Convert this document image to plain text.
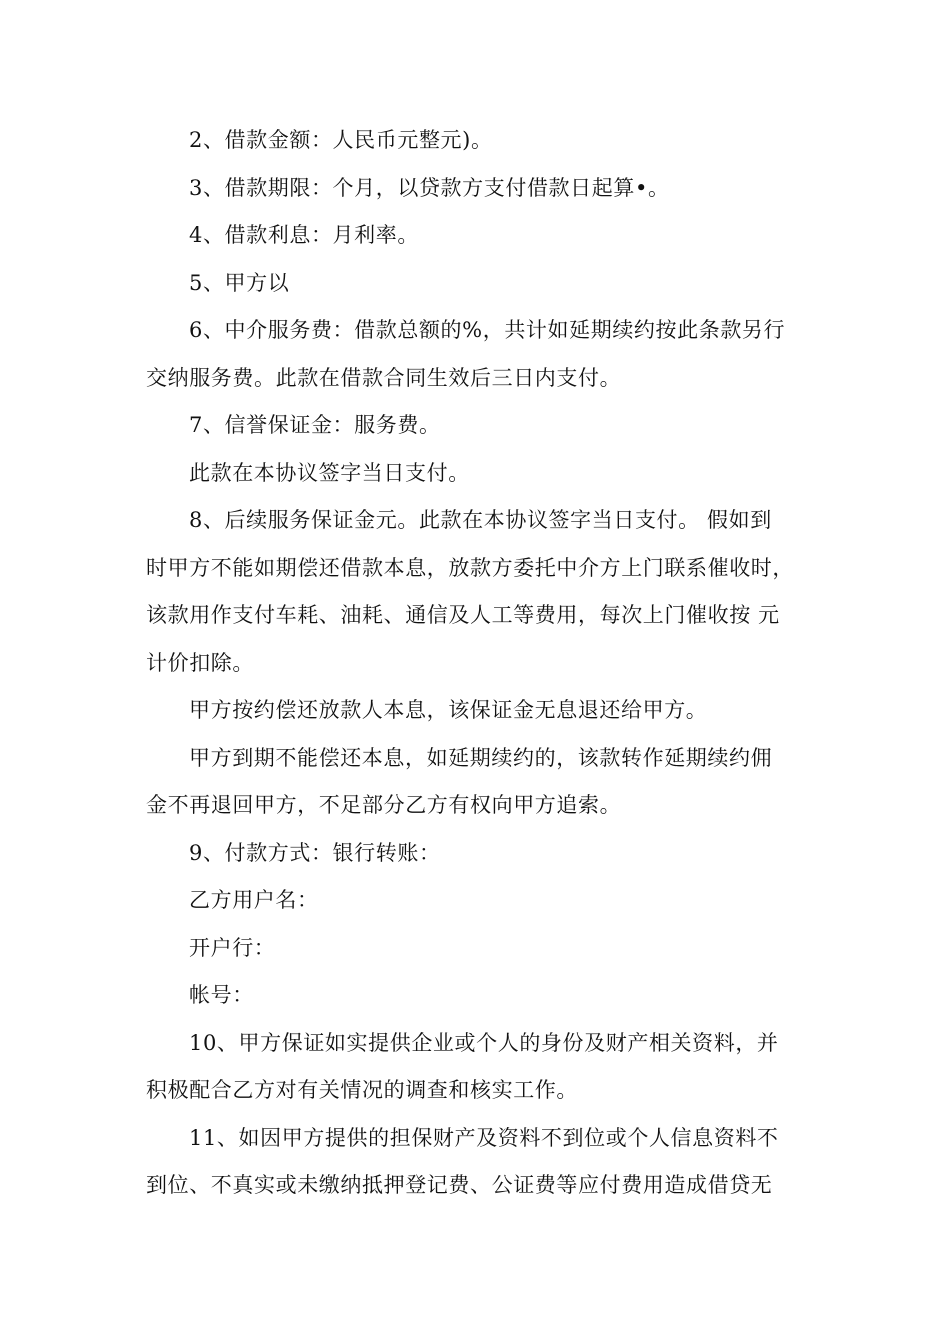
2、借款金额：人民币元整元)。
3、借款期限：个月，以贷款方支付借款日起算•。
4、借款利息：月利率。
5、甲方以
6、中介服务费：借款总额的%，共计如延期续约按此条款另行
交纳服务费。此款在借款合同生效后三日内支付。
7、信誉保证金：服务费。
此款在本协议签字当日支付。
8、后续服务保证金元。此款在本协议签字当日支付。 假如到
时甲方不能如期偿还借款本息，放款方委托中介方上门联系催收时，
该款用作支付车耗、油耗、通信及人工等费用，每次上门催收按 元
计价扣除。
甲方按约偿还放款人本息，该保证金无息退还给甲方。
甲方到期不能偿还本息，如延期续约的，该款转作延期续约佣
金不再退回甲方，不足部分乙方有权向甲方追索。
9、付款方式：银行转账：
乙方用户名：
开户行：
帐号：
10、甲方保证如实提供企业或个人的身份及财产相关资料，并
积极配合乙方对有关情况的调查和核实工作。
11、如因甲方提供的担保财产及资料不到位或个人信息资料不
到位、不真实或未缴纳抵押登记费、公证费等应付费用造成借贷无
